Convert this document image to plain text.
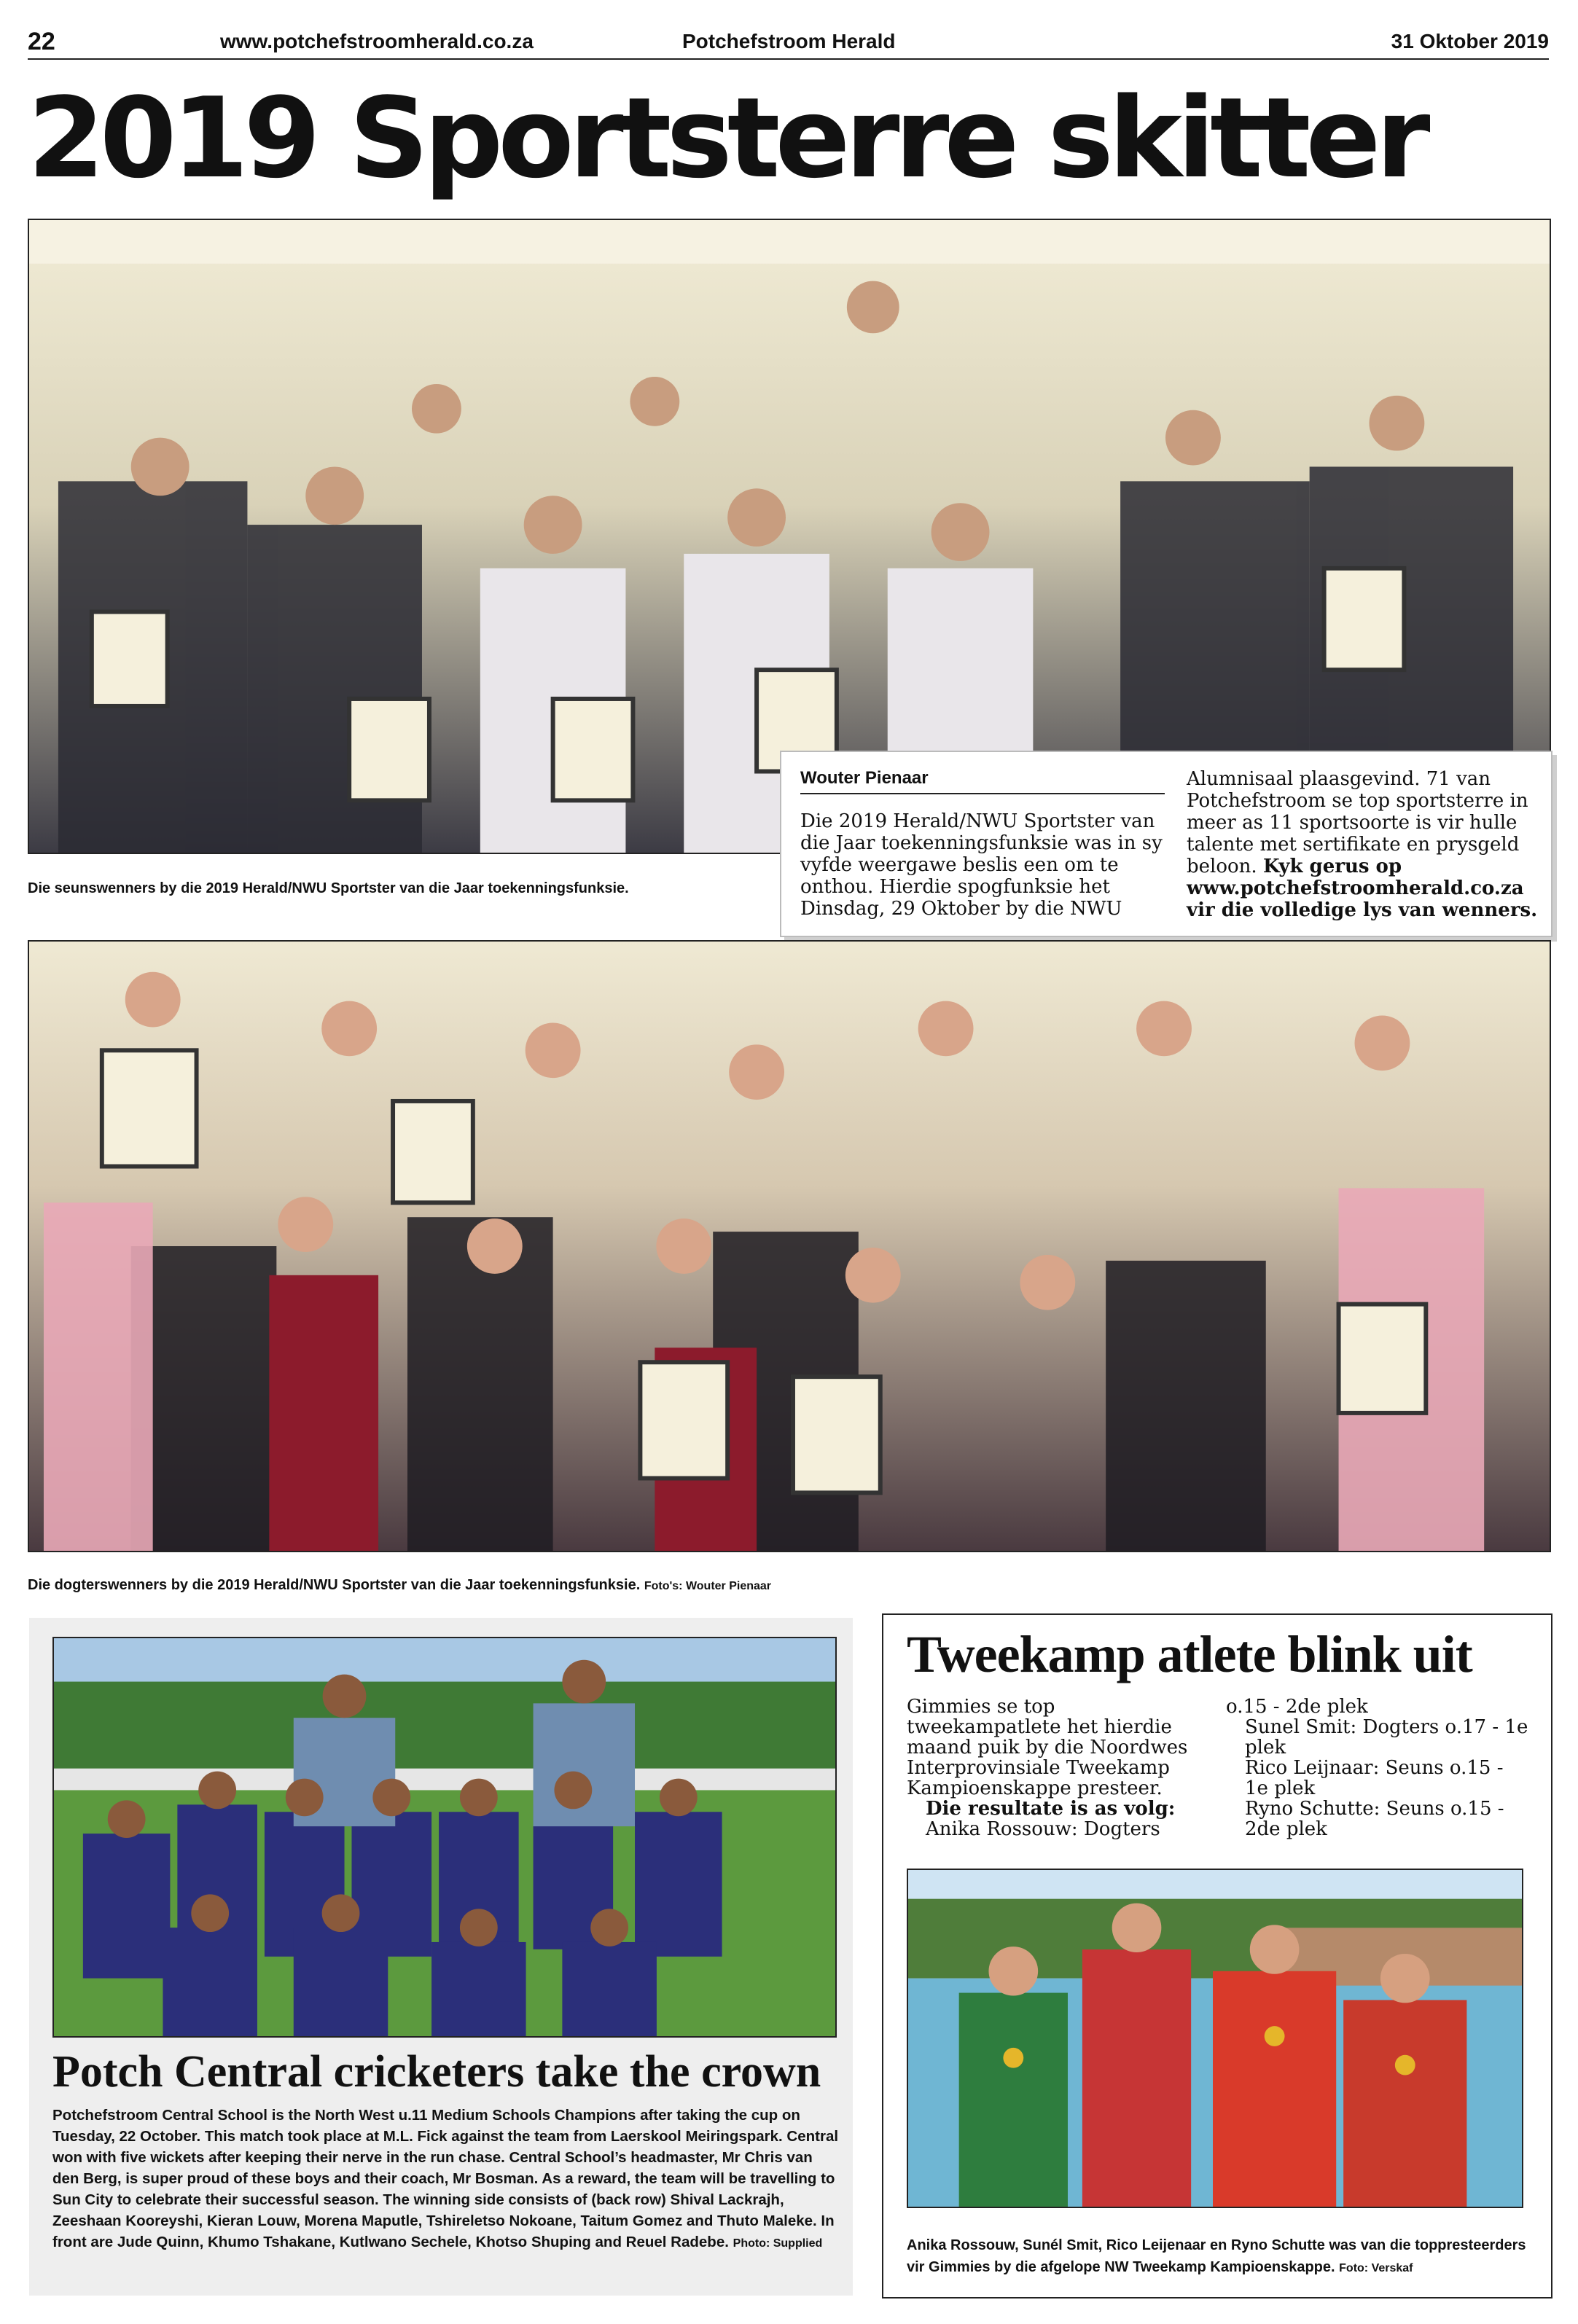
22	www.potchefstroomherald.co.za	Potchefstroom Herald	31 Oktober 2019
2019 Sportsterre skitter
Die seunswenners by die 2019 Herald/NWU Sportster van die Jaar toekenningsfunksie.
Wouter Pienaar
Die 2019 Herald/NWU Sportster van die Jaar toekenningsfunksie was in sy vyfde weergawe beslis een om te onthou. Hierdie spogfunksie het Dinsdag, 29 Oktober by die NWU
Alumnisaal plaasgevind. 71 van Potchefstroom se top sportsterre in meer as 11 sportsoorte is vir hulle talente met sertifikate en prysgeld beloon. Kyk gerus op www.potchefstroomherald.co.za vir die volledige lys van wenners.
Die dogterswenners by die 2019 Herald/NWU Sportster van die Jaar toekenningsfunksie. Foto's: Wouter Pienaar
Potch Central cricketers take the crown
Potchefstroom Central School is the North West u.11 Medium Schools Champions after taking the cup on Tuesday, 22 October. This match took place at M.L. Fick against the team from Laerskool Meiringspark. Central won with five wickets after keeping their nerve in the run chase. Central School’s headmaster, Mr Chris van den Berg, is super proud of these boys and their coach, Mr Bosman. As a reward, the team will be travelling to Sun City to celebrate their successful season. The winning side consists of (back row) Shival Lackrajh, Zeeshaan Kooreyshi, Kieran Louw, Morena Maputle, Tshireletso Nokoane, Taitum Gomez and Thuto Maleke. In front are Jude Quinn, Khumo Tshakane, Kutlwano Sechele, Khotso Shuping and Reuel Radebe. Photo: Supplied
Tweekamp atlete blink uit
Gimmies se top tweekampatlete het hierdie maand puik by die Noordwes Interprovinsiale Tweekamp Kampioenskappe presteer.
Die resultate is as volg:
Anika Rossouw: Dogters
o.15 - 2de plek
Sunel Smit: Dogters o.17 - 1e plek
Rico Leijnaar: Seuns o.15 - 1e plek
Ryno Schutte: Seuns o.15 - 2de plek
Anika Rossouw, Sunél Smit, Rico Leijenaar en Ryno Schutte was van die toppresteerders vir Gimmies by die afgelope NW Tweekamp Kampioenskappe. Foto: Verskaf
